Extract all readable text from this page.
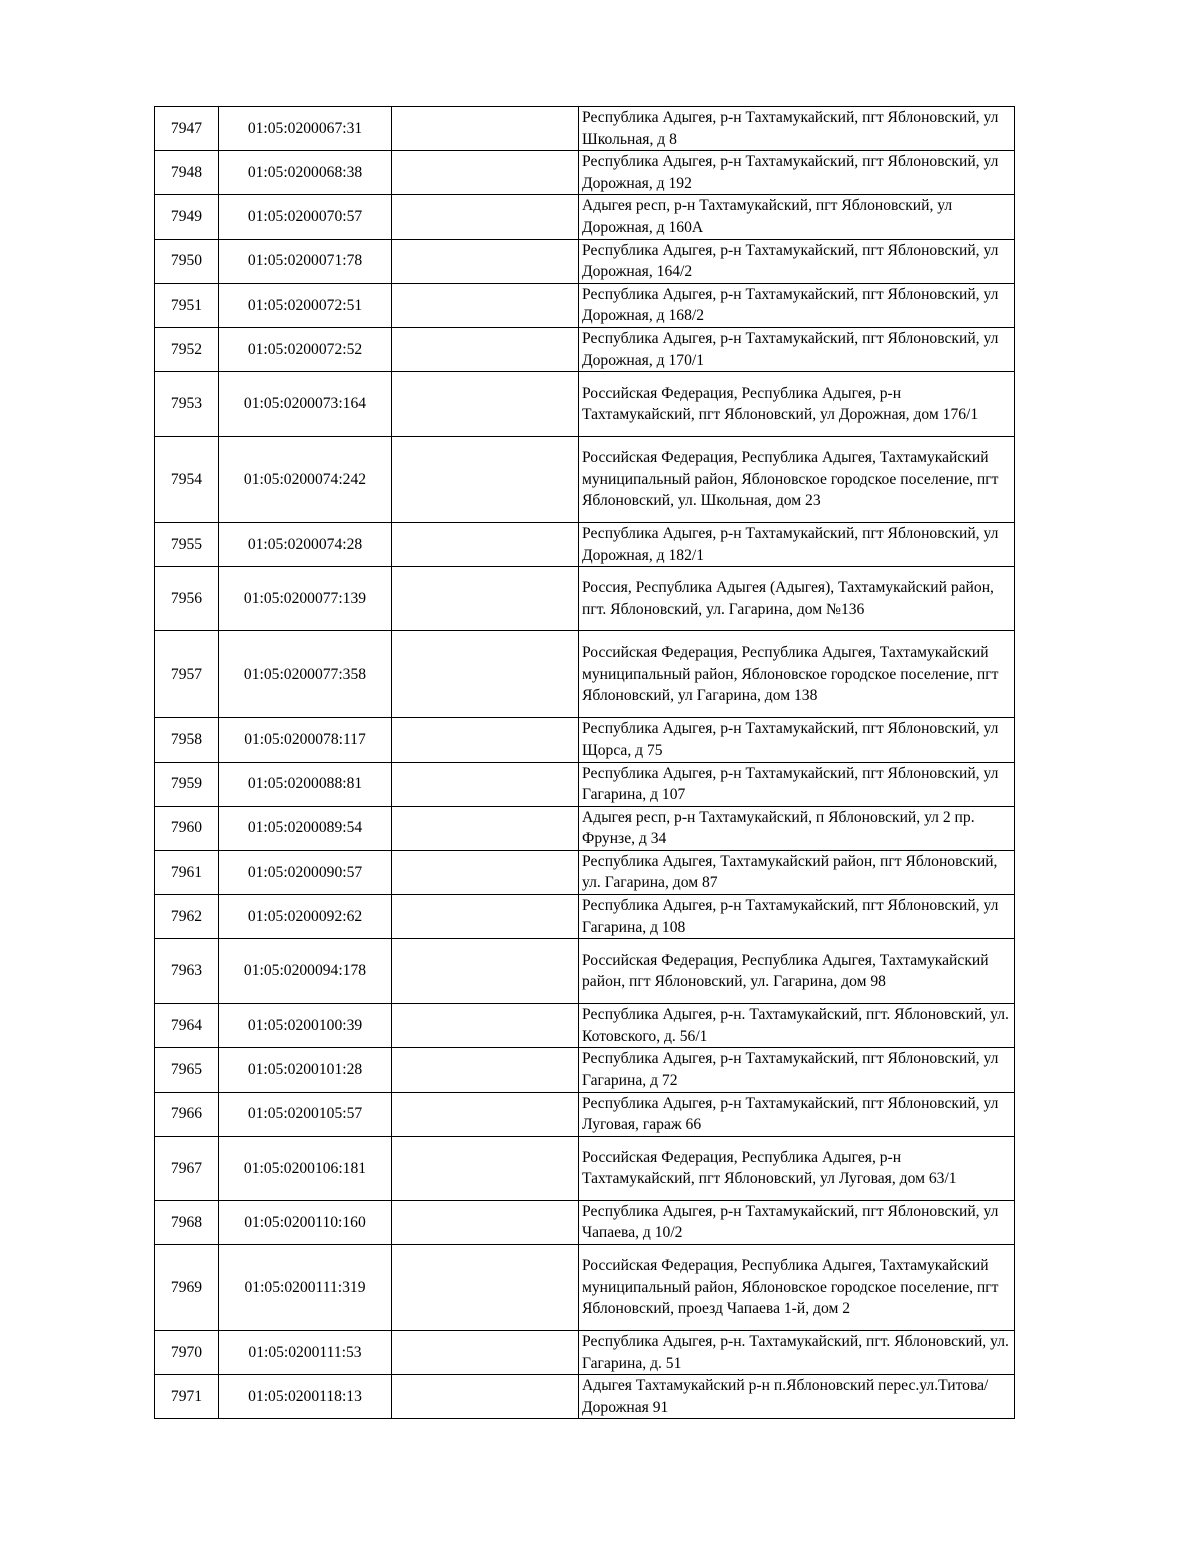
7947	01:05:0200067:31		Республика Адыгея, р-н Тахтамукайский, пгт Яблоновский, ул Школьная, д 8
7948	01:05:0200068:38		Республика Адыгея, р-н Тахтамукайский, пгт Яблоновский, ул Дорожная, д 192
7949	01:05:0200070:57		Адыгея респ, р-н Тахтамукайский, пгт Яблоновский, ул Дорожная, д 160А
7950	01:05:0200071:78		Республика Адыгея, р-н Тахтамукайский, пгт Яблоновский, ул Дорожная, 164/2
7951	01:05:0200072:51		Республика Адыгея, р-н Тахтамукайский, пгт Яблоновский, ул Дорожная, д 168/2
7952	01:05:0200072:52		Республика Адыгея, р-н Тахтамукайский, пгт Яблоновский, ул Дорожная, д 170/1
7953	01:05:0200073:164		Российская Федерация, Республика Адыгея, р-н Тахтамукайский, пгт Яблоновский, ул Дорожная, дом 176/1
7954	01:05:0200074:242		Российская Федерация, Республика Адыгея, Тахтамукайский муниципальный район, Яблоновское городское поселение, пгт Яблоновский, ул. Школьная, дом 23
7955	01:05:0200074:28		Республика Адыгея, р-н Тахтамукайский, пгт Яблоновский, ул Дорожная, д 182/1
7956	01:05:0200077:139		Росcия, Республика Адыгея (Адыгея), Тахтамукайский район, пгт. Яблоновский, ул. Гагарина, дом №136
7957	01:05:0200077:358		Российская Федерация, Республика Адыгея, Тахтамукайский муниципальный район, Яблоновское городское поселение, пгт Яблоновский, ул Гагарина, дом 138
7958	01:05:0200078:117		Республика Адыгея, р-н Тахтамукайский, пгт Яблоновский, ул Щорса, д 75
7959	01:05:0200088:81		Республика Адыгея, р-н Тахтамукайский, пгт Яблоновский, ул Гагарина, д 107
7960	01:05:0200089:54		Адыгея респ, р-н Тахтамукайский, п Яблоновский, ул 2 пр. Фрунзе, д 34
7961	01:05:0200090:57		Республика Адыгея, Тахтамукайский район, пгт Яблоновский, ул. Гагарина, дом 87
7962	01:05:0200092:62		Республика Адыгея, р-н Тахтамукайский, пгт Яблоновский, ул Гагарина, д 108
7963	01:05:0200094:178		Российская Федерация, Республика Адыгея, Тахтамукайский район, пгт Яблоновский, ул. Гагарина, дом 98
7964	01:05:0200100:39		Республика Адыгея, р-н. Тахтамукайский, пгт. Яблоновский, ул. Котовского, д. 56/1
7965	01:05:0200101:28		Республика Адыгея, р-н Тахтамукайский, пгт Яблоновский, ул Гагарина, д 72
7966	01:05:0200105:57		Республика Адыгея, р-н Тахтамукайский, пгт Яблоновский, ул Луговая, гараж 66
7967	01:05:0200106:181		Российская Федерация, Республика Адыгея, р-н Тахтамукайский, пгт Яблоновский, ул Луговая, дом 63/1
7968	01:05:0200110:160		Республика Адыгея, р-н Тахтамукайский, пгт Яблоновский, ул Чапаева, д 10/2
7969	01:05:0200111:319		Российская Федерация, Республика Адыгея, Тахтамукайский муниципальный район, Яблоновское городское поселение, пгт Яблоновский, проезд Чапаева 1-й, дом 2
7970	01:05:0200111:53		Республика Адыгея, р-н. Тахтамукайский, пгт. Яблоновский, ул. Гагарина, д. 51
7971	01:05:0200118:13		Адыгея Тахтамукайский р-н п.Яблоновский перес.ул.Титова/Дорожная 91
